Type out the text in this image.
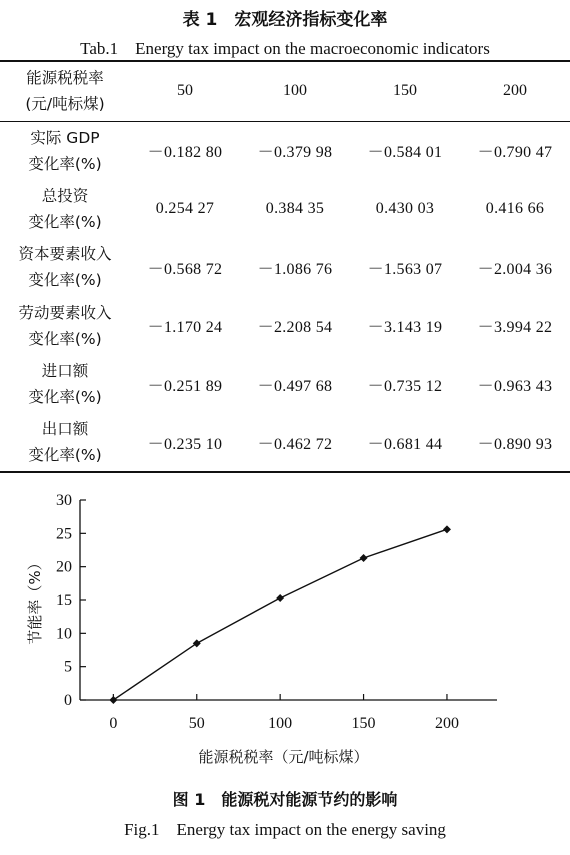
表 1　宏观经济指标变化率
Tab.1　Energy tax impact on the macroeconomic indicators
能源税税率
(元/吨标煤)	50	100	150	200

实际 GDP
变化率(%)	－0.182 80	－0.379 98	－0.584 01	－0.790 47

总投资
变化率(%)	0.254 27	0.384 35	0.430 03	0.416 66

资本要素收入
变化率(%)	－0.568 72	－1.086 76	－1.563 07	－2.004 36

劳动要素收入
变化率(%)	－1.170 24	－2.208 54	－3.143 19	－3.994 22

进口额
变化率(%)	－0.251 89	－0.497 68	－0.735 12	－0.963 43

出口额
变化率(%)	－0.235 10	－0.462 72	－0.681 44	－0.890 93
0
5
10
15
20
25
30
0	50	100	150	200
能源税税率（元/吨标煤）
节能率（%）
图 1　能源税对能源节约的影响
Fig.1　Energy tax impact on the energy saving
